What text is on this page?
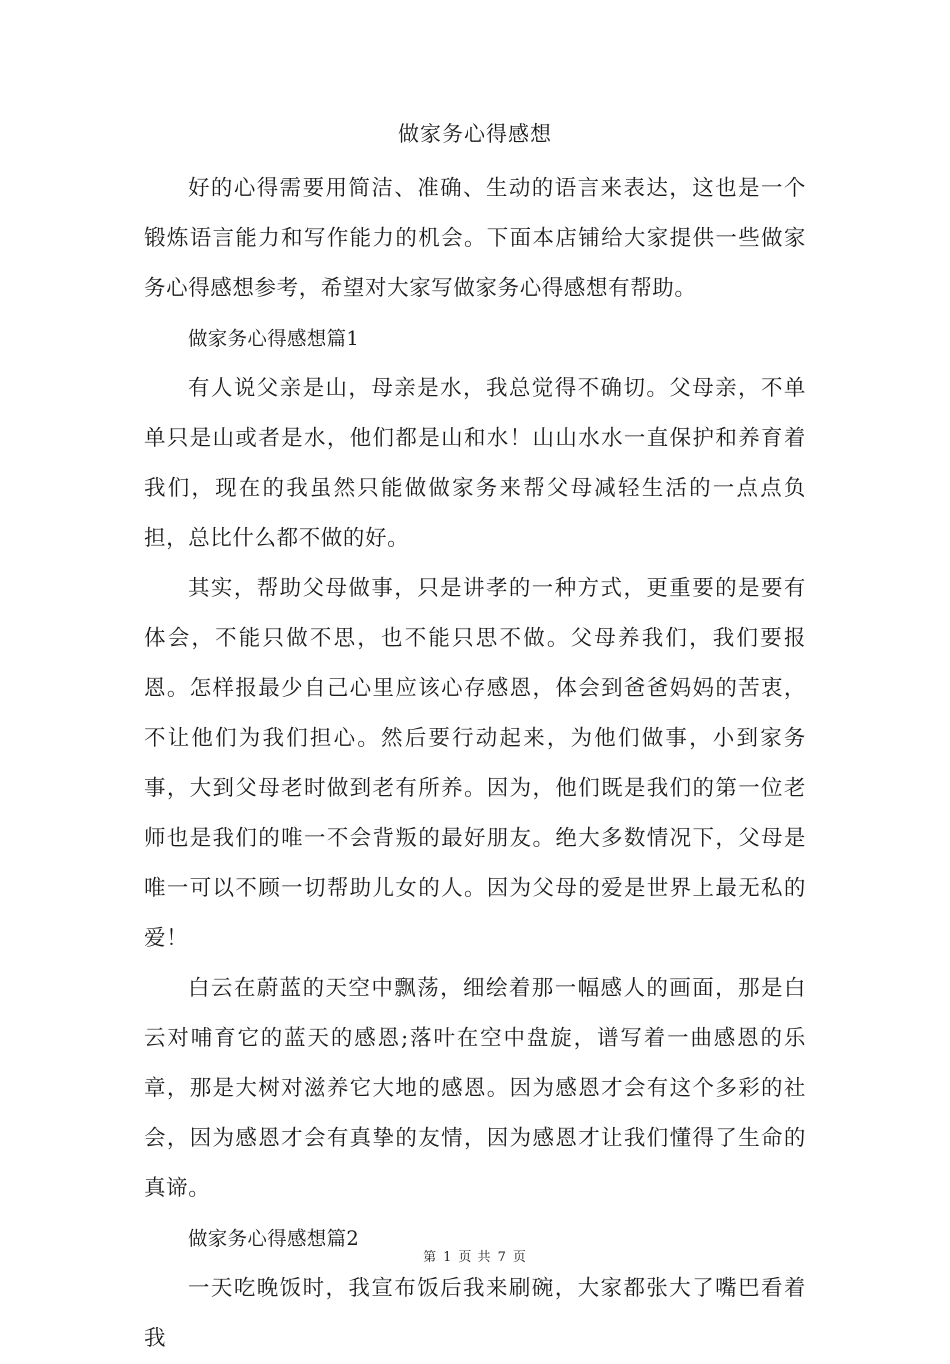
做家务心得感想

好的心得需要用简洁、准确、生动的语言来表达，这也是一个锻炼语言能力和写作能力的机会。下面本店铺给大家提供一些做家务心得感想参考，希望对大家写做家务心得感想有帮助。

做家务心得感想篇1

有人说父亲是山，母亲是水，我总觉得不确切。父母亲，不单单只是山或者是水，他们都是山和水！山山水水一直保护和养育着我们，现在的我虽然只能做做家务来帮父母减轻生活的一点点负担，总比什么都不做的好。

其实，帮助父母做事，只是讲孝的一种方式，更重要的是要有体会，不能只做不思，也不能只思不做。父母养我们，我们要报恩。怎样报最少自己心里应该心存感恩，体会到爸爸妈妈的苦衷，不让他们为我们担心。然后要行动起来，为他们做事，小到家务事，大到父母老时做到老有所养。因为，他们既是我们的第一位老师也是我们的唯一不会背叛的最好朋友。绝大多数情况下，父母是唯一可以不顾一切帮助儿女的人。因为父母的爱是世界上最无私的爱！

白云在蔚蓝的天空中飘荡，细绘着那一幅感人的画面，那是白云对哺育它的蓝天的感恩;落叶在空中盘旋，谱写着一曲感恩的乐章，那是大树对滋养它大地的感恩。因为感恩才会有这个多彩的社会，因为感恩才会有真挚的友情，因为感恩才让我们懂得了生命的真谛。

做家务心得感想篇2

一天吃晚饭时，我宣布饭后我来刷碗，大家都张大了嘴巴看着我

第 1 页 共 7 页
